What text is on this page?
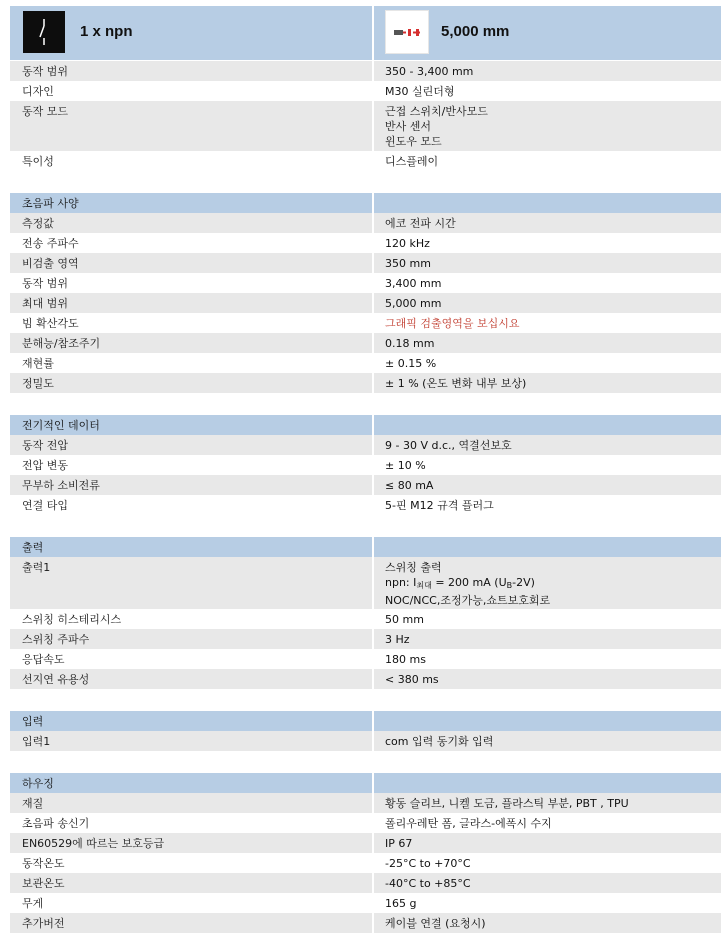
1 x npn	5,000 mm
동작 범위	350 - 3,400 mm
디자인	M30 실린더형
동작 모드	근접 스위치/반사모드
반사 센서
윈도우 모드
특이성	디스플레이
초음파 사양
측정값	에코 전파 시간
전송 주파수	120 kHz
비검출 영역	350 mm
동작 범위	3,400 mm
최대 범위	5,000 mm
빔 확산각도	그래픽 검출영역을 보십시요
분해능/참조주기	0.18 mm
재현률	± 0.15 %
정밀도	± 1 % (온도 변화 내부 보상)
전기적인 데이터
동작 전압	9 - 30 V d.c., 역결선보호
전압 변동	± 10 %
무부하 소비전류	≤ 80 mA
연결 타입	5-핀 M12 규격 플러그
출력
출력1	스위칭 출력
npn: $I_{최대} = 200$ mA $(U_B-2V)$
NOC/NCC,조정가능,쇼트보호회로
스위칭 히스테리시스	50 mm
스위칭 주파수	3 Hz
응답속도	180 ms
선지연 유용성	< 380 ms
입력
입력1	com 입력 동기화 입력
하우징
재질	황동 슬리브, 니켈 도금, 플라스틱 부분, PBT , TPU
초음파 송신기	폴리우레탄 폼, 글라스-에폭시 수지
EN60529에 따르는 보호등급	IP 67
동작온도	-25°C to +70°C
보관온도	-40°C to +85°C
무게	165 g
추가버전	케이블 연결 (요청시)
